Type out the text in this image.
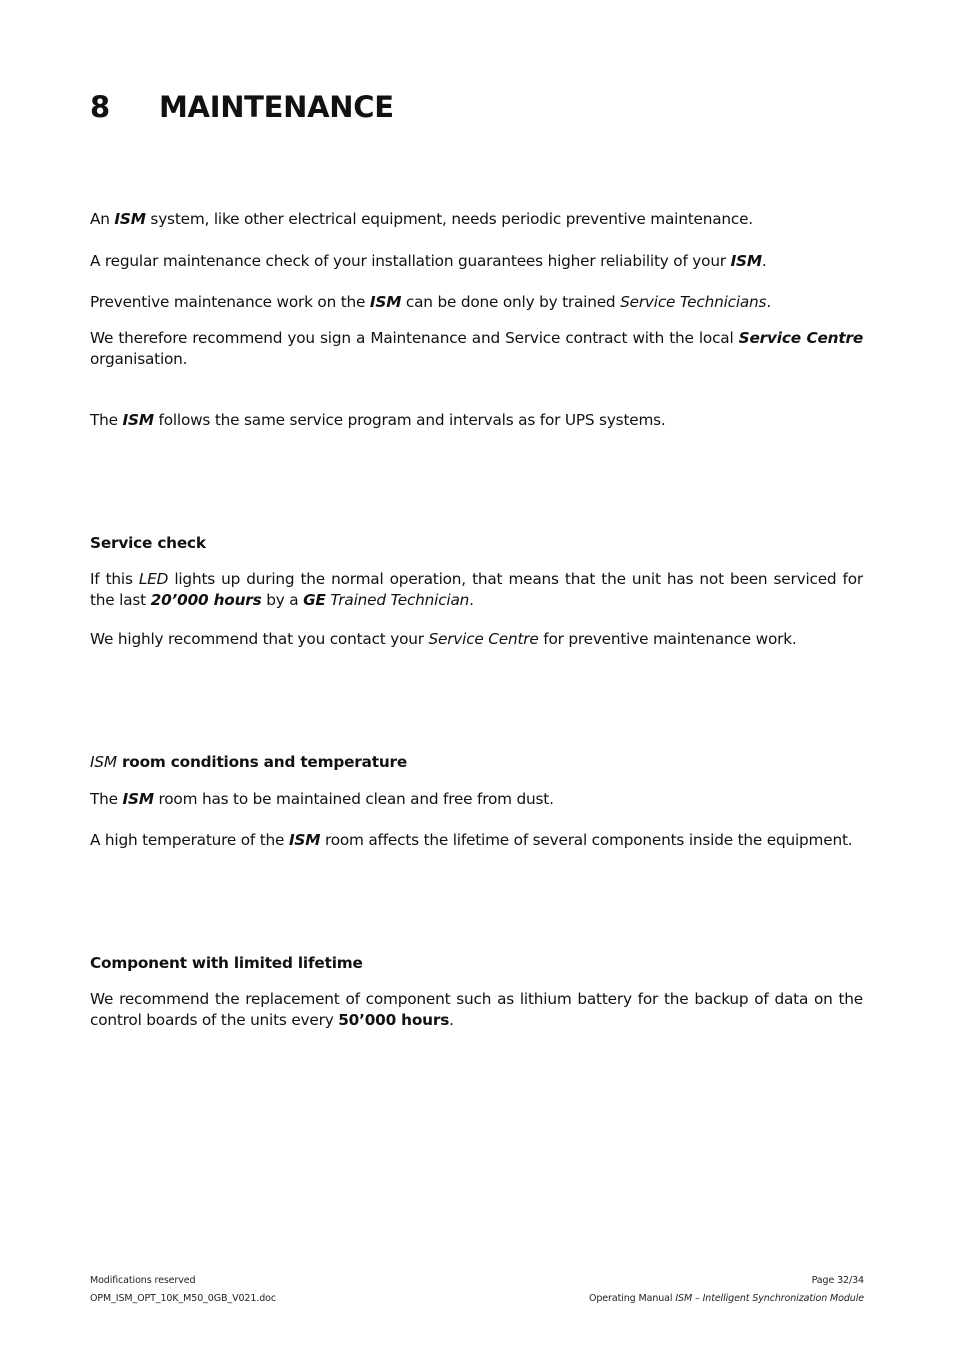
8 MAINTENANCE

An ISM system, like other electrical equipment, needs periodic preventive maintenance.

A regular maintenance check of your installation guarantees higher reliability of your ISM.

Preventive maintenance work on the ISM can be done only by trained Service Technicians.

We therefore recommend you sign a Maintenance and Service contract with the local Service Centre organisation.

The ISM follows the same service program and intervals as for UPS systems.

Service check

If this LED lights up during the normal operation, that means that the unit has not been serviced for the last 20’000 hours by a GE Trained Technician.

We highly recommend that you contact your Service Centre for preventive maintenance work.

ISM room conditions and temperature

The ISM room has to be maintained clean and free from dust.

A high temperature of the ISM room affects the lifetime of several components inside the equipment.

Component with limited lifetime

We recommend the replacement of component such as lithium battery for the backup of data on the control boards of the units every 50’000 hours.

Modifications reserved
OPM_ISM_OPT_10K_M50_0GB_V021.doc
Page 32/34
Operating Manual ISM – Intelligent Synchronization Module
